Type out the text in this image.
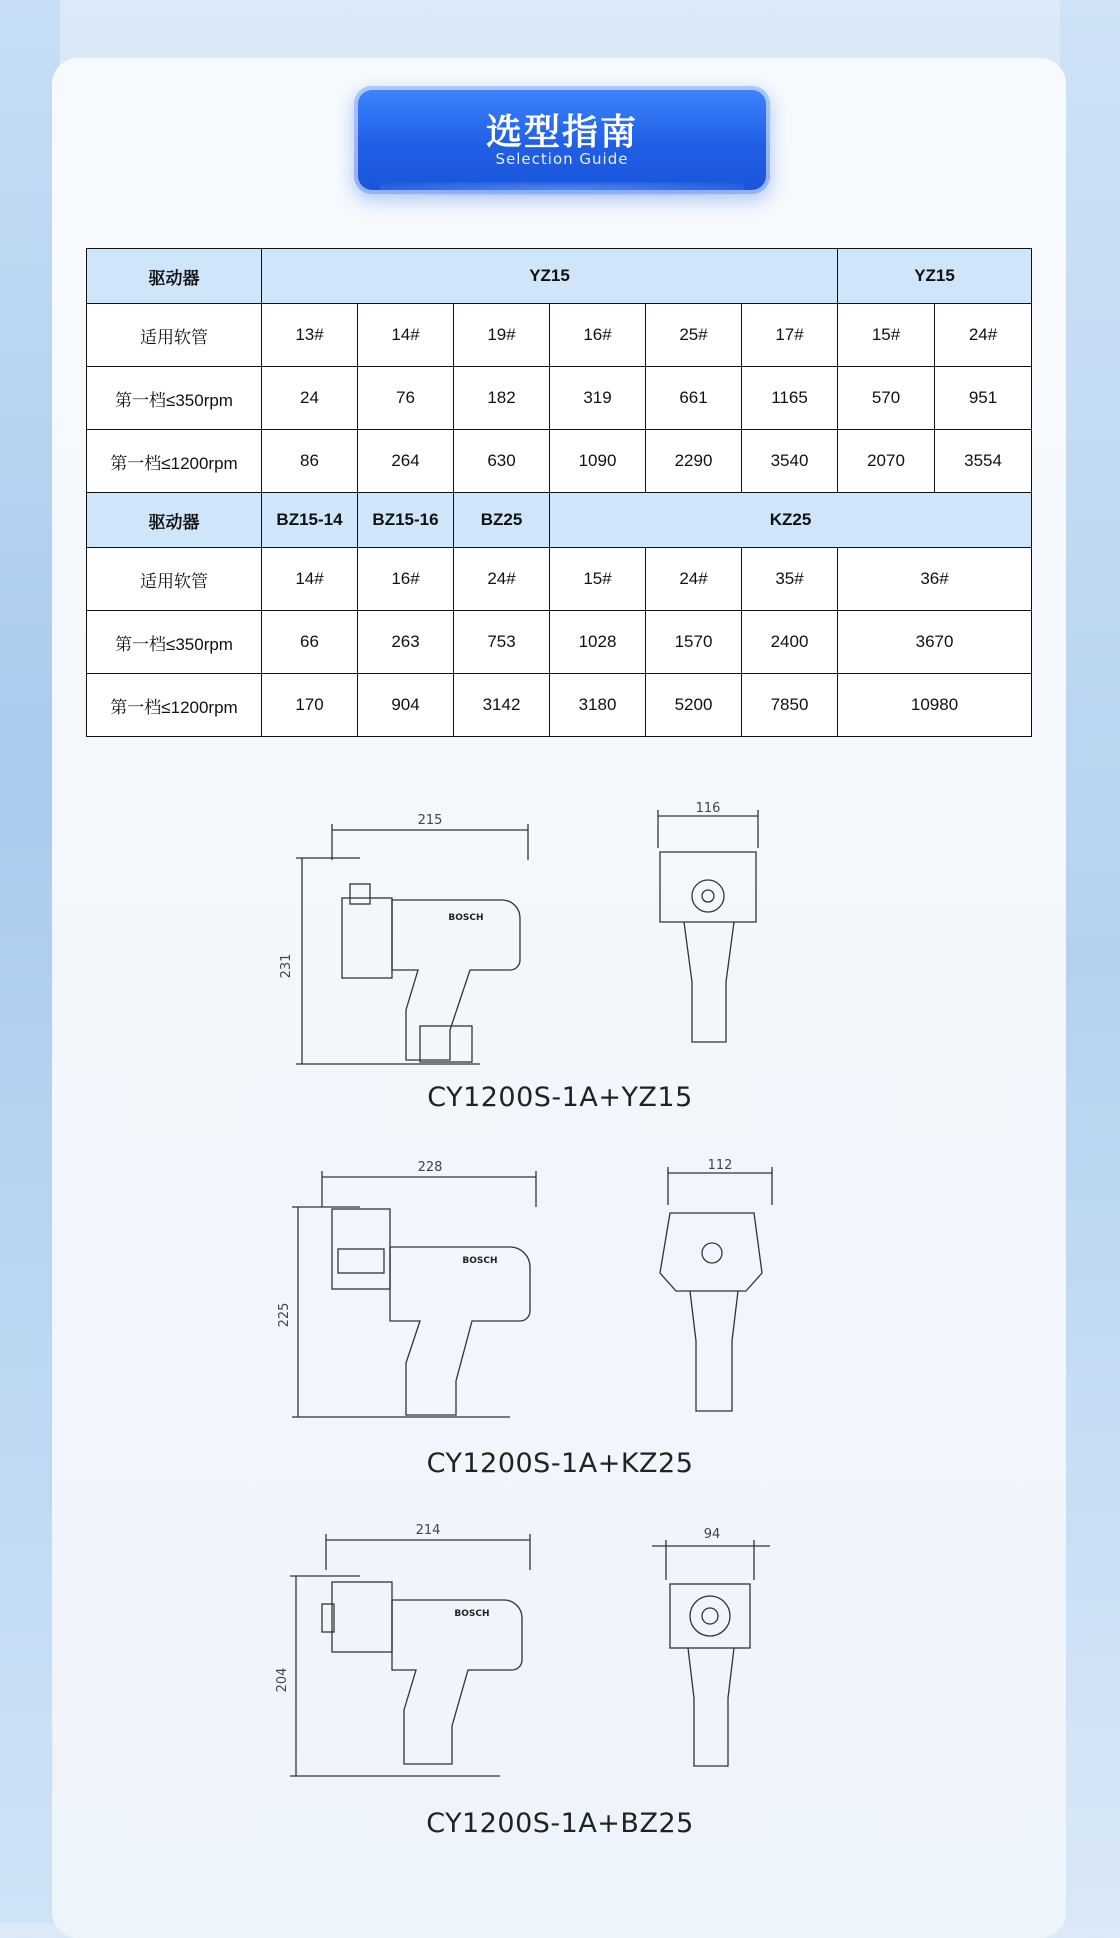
选型指南
Selection Guide
驱动器	YZ15						YZ15	
适用软管	13#	14#	19#	16#	25#	17#	15#	24#
第一档≤350rpm	24	76	182	319	661	1165	570	951
第一档≤1200rpm	86	264	630	1090	2290	3540	2070	3554
驱动器	BZ15-14	BZ15-16	BZ25	KZ25				
适用软管	14#	16#	24#	15#	24#	35#	36#	
第一档≤350rpm	66	263	753	1028	1570	2400	3670	
第一档≤1200rpm	170	904	3142	3180	5200	7850	10980	
215
231
116
BOSCH
CY1200S-1A+YZ15
228
225
112
BOSCH
CY1200S-1A+KZ25
214
204
94
BOSCH
CY1200S-1A+BZ25
